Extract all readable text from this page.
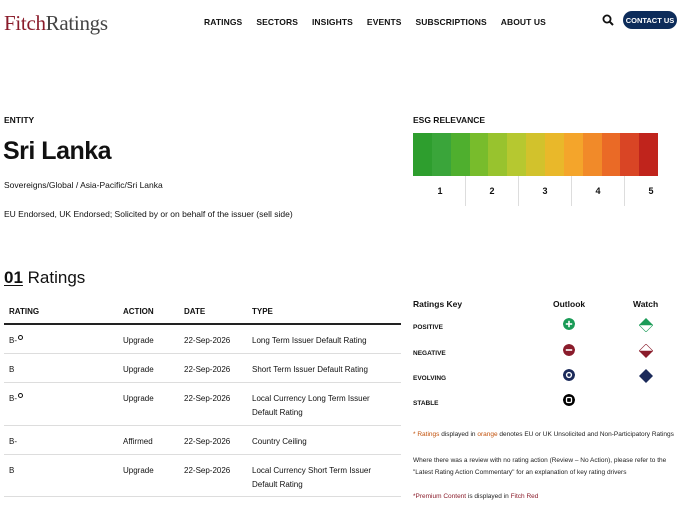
FitchRatings	RATINGS SECTORS INSIGHTS EVENTS SUBSCRIPTIONS ABOUT US	CONTACT US
ENTITY
Sri Lanka
Sovereigns/Global / Asia-Pacific/Sri Lanka
EU Endorsed, UK Endorsed; Solicited by or on behalf of the issuer (sell side)
ESG RELEVANCE
1	2	3	4	5
01 Ratings
RATING	ACTION	DATE	TYPE
B-	Upgrade	22-Sep-2026	Long Term Issuer Default Rating
B	Upgrade	22-Sep-2026	Short Term Issuer Default Rating
B-	Upgrade	22-Sep-2026	Local Currency Long Term Issuer Default Rating
B-	Affirmed	22-Sep-2026	Country Ceiling
B	Upgrade	22-Sep-2026	Local Currency Short Term Issuer Default Rating
Ratings Key	Outlook	Watch
POSITIVE
NEGATIVE
EVOLVING
STABLE
* Ratings displayed in orange denotes EU or UK Unsolicited and Non-Participatory Ratings
Where there was a review with no rating action (Review – No Action), please refer to the "Latest Rating Action Commentary" for an explanation of key rating drivers
*Premium Content is displayed in Fitch Red
